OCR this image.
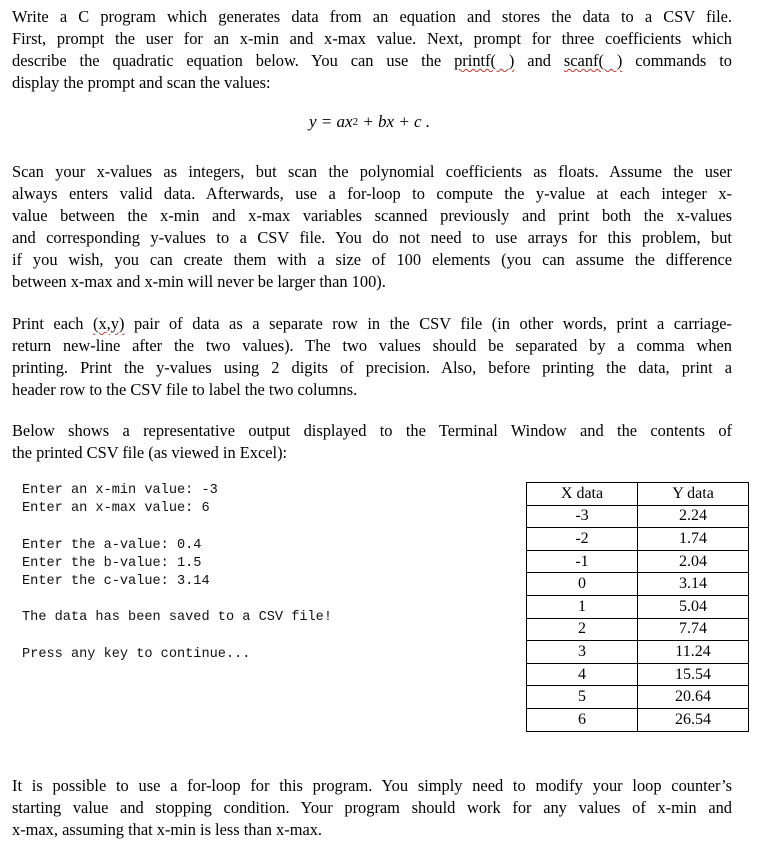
Write a C program which generates data from an equation and stores the data to a CSV file.
First, prompt the user for an x-min and x-max value. Next, prompt for three coefficients which
describe the quadratic equation below. You can use the printf( ) and scanf( ) commands to
display the prompt and scan the values:
$y = ax^2$ + bx + c .
Scan your x-values as integers, but scan the polynomial coefficients as floats. Assume the user
always enters valid data. Afterwards, use a for-loop to compute the y-value at each integer x-
value between the x-min and x-max variables scanned previously and print both the x-values
and corresponding y-values to a CSV file. You do not need to use arrays for this problem, but
if you wish, you can create them with a size of 100 elements (you can assume the difference
between x-max and x-min will never be larger than 100).
Print each (x,y) pair of data as a separate row in the CSV file (in other words, print a carriage-
return new-line after the two values). The two values should be separated by a comma when
printing. Print the y-values using 2 digits of precision. Also, before printing the data, print a
header row to the CSV file to label the two columns.
Below shows a representative output displayed to the Terminal Window and the contents of
the printed CSV file (as viewed in Excel):
Enter an x-min value: -3
Enter an x-max value: 6
Enter the a-value: 0.4
Enter the b-value: 1.5
Enter the c-value: 3.14
The data has been saved to a CSV file!
Press any key to continue...
X data	Y data
-3	2.24
-2	1.74
-1	2.04
0	3.14
1	5.04
2	7.74
3	11.24
4	15.54
5	20.64
6	26.54
It is possible to use a for-loop for this program. You simply need to modify your loop counter’s
starting value and stopping condition. Your program should work for any values of x-min and
x-max, assuming that x-min is less than x-max.
